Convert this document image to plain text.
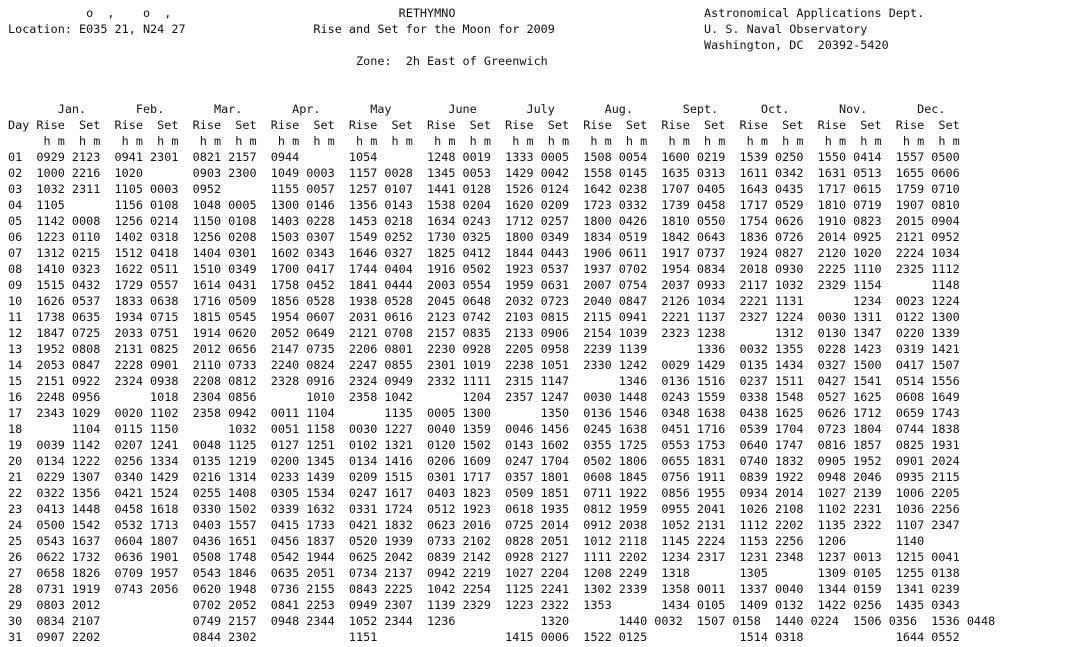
o  ,    o  ,                                RETHYMNO                                   Astronomical Applications Dept.
Location: E035 21, N24 27                  Rise and Set for the Moon for 2009                     U. S. Naval Observatory
Washington, DC  20392-5420
Zone:  2h East of Greenwich
Jan.       Feb.       Mar.       Apr.       May        June       July       Aug.       Sept.      Oct.       Nov.       Dec.
Day Rise  Set  Rise  Set  Rise  Set  Rise  Set  Rise  Set  Rise  Set  Rise  Set  Rise  Set  Rise  Set  Rise  Set  Rise  Set  Rise  Set
h m  h m   h m  h m   h m  h m   h m  h m   h m  h m   h m  h m   h m  h m   h m  h m   h m  h m   h m  h m   h m  h m   h m  h m
01  0929 2123  0941 2301  0821 2157  0944       1054       1248 0019  1333 0005  1508 0054  1600 0219  1539 0250  1550 0414  1557 0500
02  1000 2216  1020       0903 2300  1049 0003  1157 0028  1345 0053  1429 0042  1558 0145  1635 0313  1611 0342  1631 0513  1655 0606
03  1032 2311  1105 0003  0952       1155 0057  1257 0107  1441 0128  1526 0124  1642 0238  1707 0405  1643 0435  1717 0615  1759 0710
04  1105       1156 0108  1048 0005  1300 0146  1356 0143  1538 0204  1620 0209  1723 0332  1739 0458  1717 0529  1810 0719  1907 0810
05  1142 0008  1256 0214  1150 0108  1403 0228  1453 0218  1634 0243  1712 0257  1800 0426  1810 0550  1754 0626  1910 0823  2015 0904
06  1223 0110  1402 0318  1256 0208  1503 0307  1549 0252  1730 0325  1800 0349  1834 0519  1842 0643  1836 0726  2014 0925  2121 0952
07  1312 0215  1512 0418  1404 0301  1602 0343  1646 0327  1825 0412  1844 0443  1906 0611  1917 0737  1924 0827  2120 1020  2224 1034
08  1410 0323  1622 0511  1510 0349  1700 0417  1744 0404  1916 0502  1923 0537  1937 0702  1954 0834  2018 0930  2225 1110  2325 1112
09  1515 0432  1729 0557  1614 0431  1758 0452  1841 0444  2003 0554  1959 0631  2007 0754  2037 0933  2117 1032  2329 1154       1148
10  1626 0537  1833 0638  1716 0509  1856 0528  1938 0528  2045 0648  2032 0723  2040 0847  2126 1034  2221 1131       1234  0023 1224
11  1738 0635  1934 0715  1815 0545  1954 0607  2031 0616  2123 0742  2103 0815  2115 0941  2221 1137  2327 1224  0030 1311  0122 1300
12  1847 0725  2033 0751  1914 0620  2052 0649  2121 0708  2157 0835  2133 0906  2154 1039  2323 1238       1312  0130 1347  0220 1339
13  1952 0808  2131 0825  2012 0656  2147 0735  2206 0801  2230 0928  2205 0958  2239 1139       1336  0032 1355  0228 1423  0319 1421
14  2053 0847  2228 0901  2110 0733  2240 0824  2247 0855  2301 1019  2238 1051  2330 1242  0029 1429  0135 1434  0327 1500  0417 1507
15  2151 0922  2324 0938  2208 0812  2328 0916  2324 0949  2332 1111  2315 1147       1346  0136 1516  0237 1511  0427 1541  0514 1556
16  2248 0956       1018  2304 0856       1010  2358 1042       1204  2357 1247  0030 1448  0243 1559  0338 1548  0527 1625  0608 1649
17  2343 1029  0020 1102  2358 0942  0011 1104       1135  0005 1300       1350  0136 1546  0348 1638  0438 1625  0626 1712  0659 1743
18       1104  0115 1150       1032  0051 1158  0030 1227  0040 1359  0046 1456  0245 1638  0451 1716  0539 1704  0723 1804  0744 1838
19  0039 1142  0207 1241  0048 1125  0127 1251  0102 1321  0120 1502  0143 1602  0355 1725  0553 1753  0640 1747  0816 1857  0825 1931
20  0134 1222  0256 1334  0135 1219  0200 1345  0134 1416  0206 1609  0247 1704  0502 1806  0655 1831  0740 1832  0905 1952  0901 2024
21  0229 1307  0340 1429  0216 1314  0233 1439  0209 1515  0301 1717  0357 1801  0608 1845  0756 1911  0839 1922  0948 2046  0935 2115
22  0322 1356  0421 1524  0255 1408  0305 1534  0247 1617  0403 1823  0509 1851  0711 1922  0856 1955  0934 2014  1027 2139  1006 2205
23  0413 1448  0458 1618  0330 1502  0339 1632  0331 1724  0512 1923  0618 1935  0812 1959  0955 2041  1026 2108  1102 2231  1036 2256
24  0500 1542  0532 1713  0403 1557  0415 1733  0421 1832  0623 2016  0725 2014  0912 2038  1052 2131  1112 2202  1135 2322  1107 2347
25  0543 1637  0604 1807  0436 1651  0456 1837  0520 1939  0733 2102  0828 2051  1012 2118  1145 2224  1153 2256  1206       1140
26  0622 1732  0636 1901  0508 1748  0542 1944  0625 2042  0839 2142  0928 2127  1111 2202  1234 2317  1231 2348  1237 0013  1215 0041
27  0658 1826  0709 1957  0543 1846  0635 2051  0734 2137  0942 2219  1027 2204  1208 2249  1318       1305       1309 0105  1255 0138
28  0731 1919  0743 2056  0620 1948  0736 2155  0843 2225  1042 2254  1125 2241  1302 2339  1358 0011  1337 0040  1344 0159  1341 0239
29  0803 2012             0702 2052  0841 2253  0949 2307  1139 2329  1223 2322  1353       1434 0105  1409 0132  1422 0256  1435 0343
30  0834 2107             0749 2157  0948 2344  1052 2344  1236            1320       1440 0032  1507 0158  1440 0224  1506 0356  1536 0448
31  0907 2202             0844 2302             1151                  1415 0006  1522 0125             1514 0318             1644 0552
